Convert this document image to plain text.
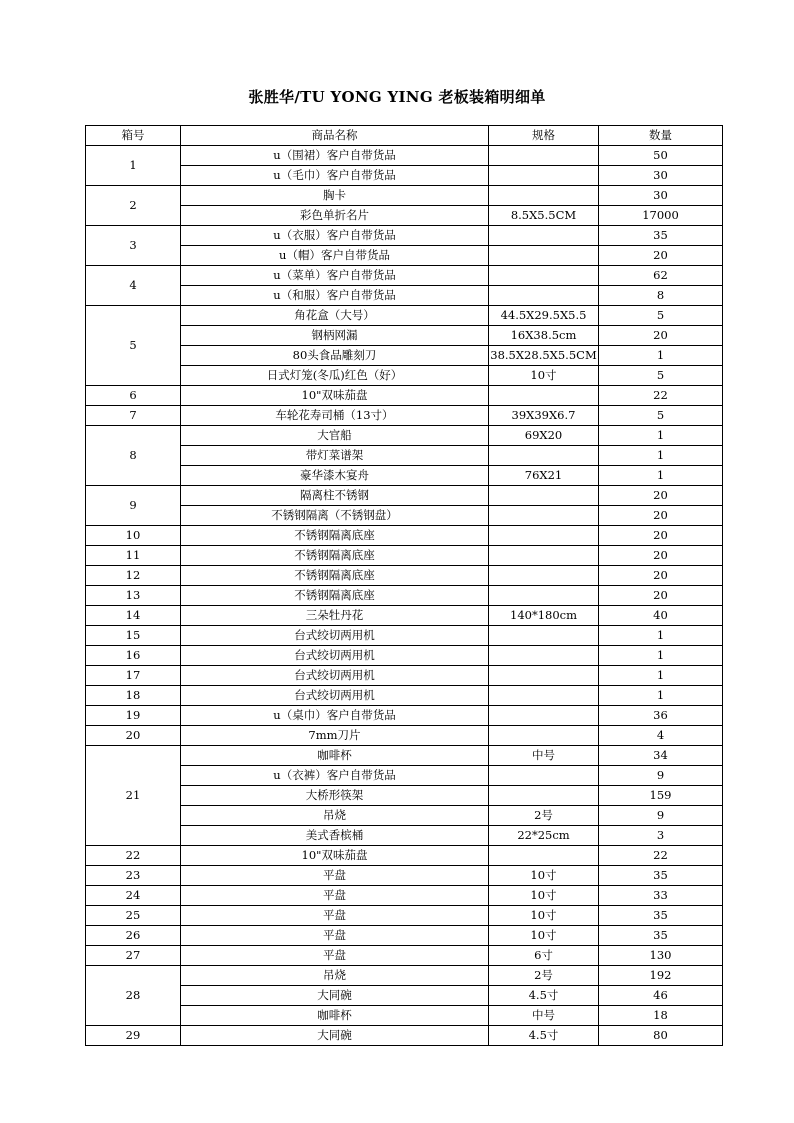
张胜华/TU YONG YING 老板装箱明细单
箱号	商品名称	规格	数量
1	u（围裙）客户自带货品		50
	u（毛巾）客户自带货品		30
2	胸卡		30
	彩色单折名片	8.5X5.5CM	17000
3	u（衣服）客户自带货品		35
	u（帽）客户自带货品		20
4	u（菜单）客户自带货品		62
	u（和服）客户自带货品		8
5	角花盒（大号）	44.5X29.5X5.5	5
	钢柄网漏	16X38.5cm	20
	80头食品雕刻刀	38.5X28.5X5.5CM	1
	日式灯笼(冬瓜)红色（好）	10寸	5
6	10"双味茄盘		22
7	车轮花寿司桶（13寸）	39X39X6.7	5
8	大官船	69X20	1
	带灯菜谱架		1
	豪华漆木宴舟	76X21	1
9	隔离柱不锈钢		20
	不锈钢隔离（不锈钢盘）		20
10	不锈钢隔离底座		20
11	不锈钢隔离底座		20
12	不锈钢隔离底座		20
13	不锈钢隔离底座		20
14	三朵牡丹花	140*180cm	40
15	台式绞切两用机		1
16	台式绞切两用机		1
17	台式绞切两用机		1
18	台式绞切两用机		1
19	u（桌巾）客户自带货品		36
20	7mm刀片		4
21	咖啡杯	中号	34
	u（衣裤）客户自带货品		9
	大桥形筷架		159
	吊烧	2号	9
	美式香槟桶	22*25cm	3
22	10"双味茄盘		22
23	平盘	10寸	35
24	平盘	10寸	33
25	平盘	10寸	35
26	平盘	10寸	35
27	平盘	6寸	130
28	吊烧	2号	192
	大同碗	4.5寸	46
	咖啡杯	中号	18
29	大同碗	4.5寸	80
